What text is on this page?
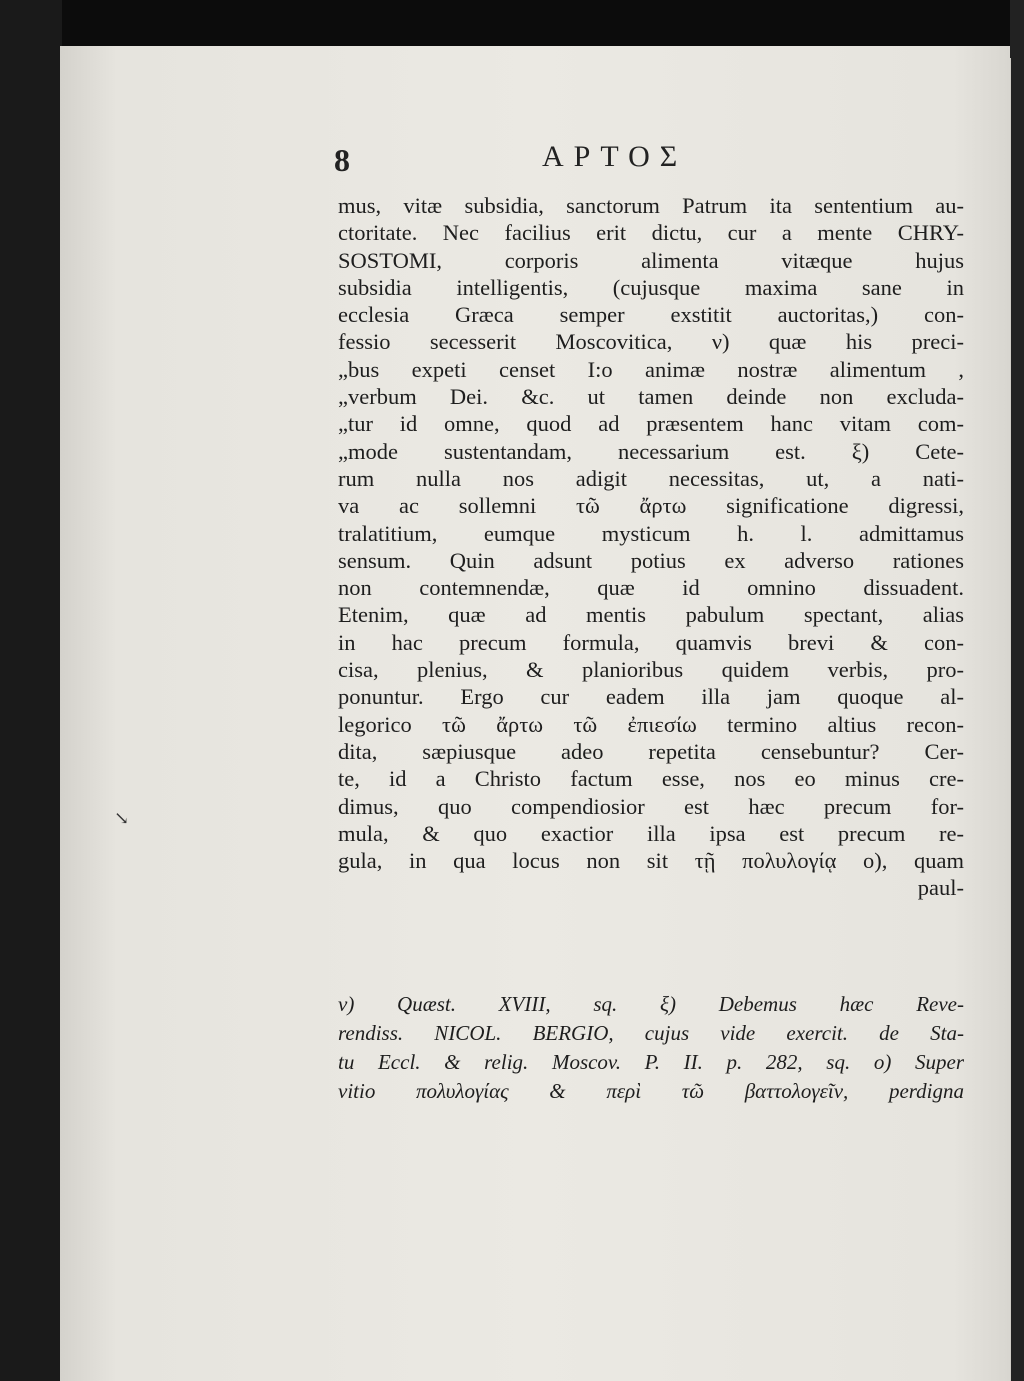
8	ΑΡΤΟΣ
mus, vitæ subsidia, sanctorum Patrum ita sententium au-
ctoritate. Nec facilius erit dictu, cur a mente CHRY-
SOSTOMI, corporis alimenta vitæque hujus
subsidia intelligentis, (cujusque maxima sane in
ecclesia Græca semper exstitit auctoritas,) con-
fessio secesserit Moscovitica, ν) quæ his preci-
„bus expeti censet I:o animæ nostræ alimentum ,
„verbum Dei. &c. ut tamen deinde non excluda-
„tur id omne, quod ad præsentem hanc vitam com-
„mode sustentandam, necessarium est. ξ) Cete-
rum nulla nos adigit necessitas, ut, a nati-
va ac sollemni τῶ ἄρτω significatione digressi,
tralatitium, eumque mysticum h. l. admittamus
sensum. Quin adsunt potius ex adverso rationes
non contemnendæ, quæ id omnino dissuadent.
Etenim, quæ ad mentis pabulum spectant, alias
in hac precum formula, quamvis brevi & con-
cisa, plenius, & planioribus quidem verbis, pro-
ponuntur. Ergo cur eadem illa jam quoque al-
legorico τῶ ἄρτω τῶ ἐπιεσίω termino altius recon-
dita, sæpiusque adeo repetita censebuntur? Cer-
te, id a Christo factum esse, nos eo minus cre-
dimus, quo compendiosior est hæc precum for-
mula, & quo exactior illa ipsa est precum re-
gula, in qua locus non sit τῇ πολυλογίᾳ ο), quam
paul-
ν) Quæst. XVIII, sq. ξ) Debemus hæc Reve-
rendiss. NICOL. BERGIO, cujus vide exercit. de Sta-
tu Eccl. & relig. Moscov. P. II. p. 282, sq. ο) Super
vitio πολυλογίας & περὶ τῶ βαττολογεῖν, perdigna
↘
